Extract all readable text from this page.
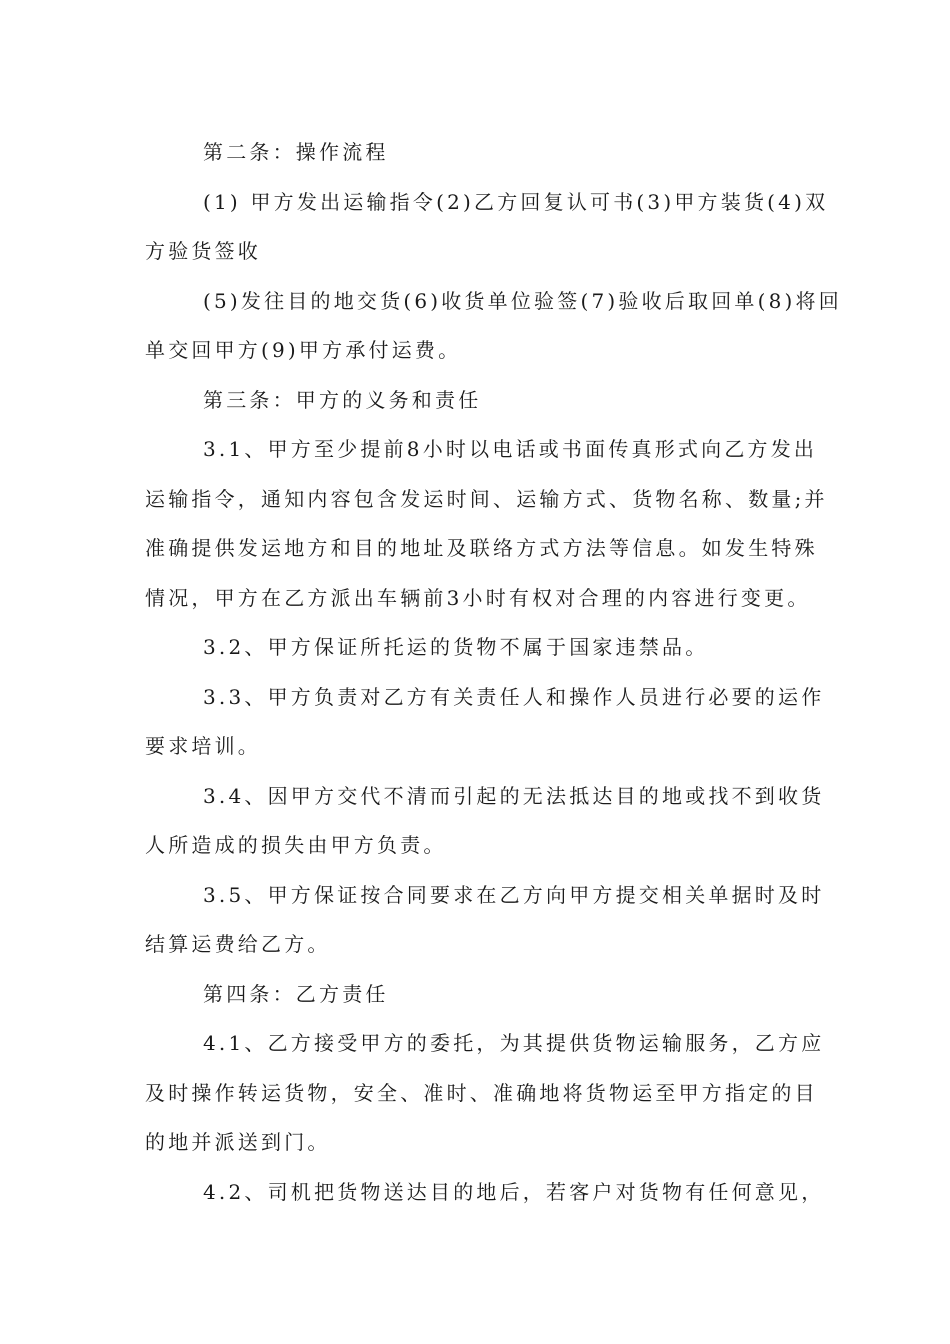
第二条：操作流程
(1) 甲方发出运输指令(2)乙方回复认可书(3)甲方装货(4)双
方验货签收
(5)发往目的地交货(6)收货单位验签(7)验收后取回单(8)将回
单交回甲方(9)甲方承付运费。
第三条：甲方的义务和责任
3.1、甲方至少提前8小时以电话或书面传真形式向乙方发出
运输指令，通知内容包含发运时间、运输方式、货物名称、数量;并
准确提供发运地方和目的地址及联络方式方法等信息。如发生特殊
情况，甲方在乙方派出车辆前3小时有权对合理的内容进行变更。
3.2、甲方保证所托运的货物不属于国家违禁品。
3.3、甲方负责对乙方有关责任人和操作人员进行必要的运作
要求培训。
3.4、因甲方交代不清而引起的无法抵达目的地或找不到收货
人所造成的损失由甲方负责。
3.5、甲方保证按合同要求在乙方向甲方提交相关单据时及时
结算运费给乙方。
第四条：乙方责任
4.1、乙方接受甲方的委托，为其提供货物运输服务，乙方应
及时操作转运货物，安全、准时、准确地将货物运至甲方指定的目
的地并派送到门。
4.2、司机把货物送达目的地后，若客户对货物有任何意见，
